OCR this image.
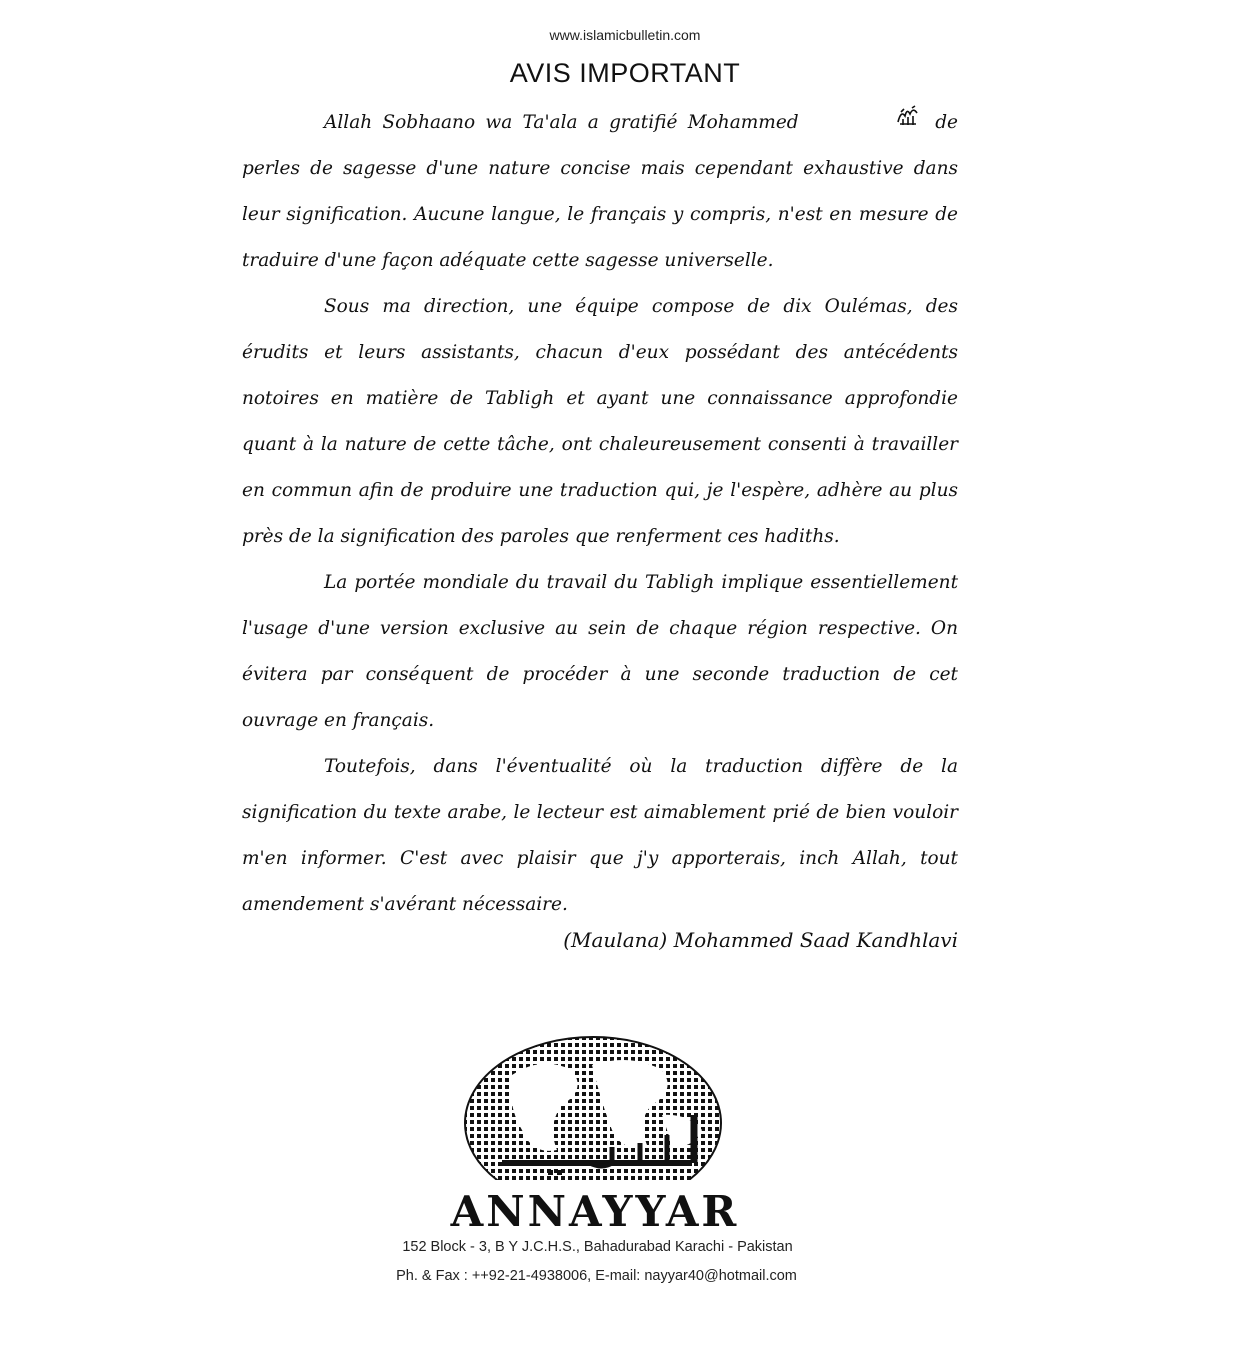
www.islamicbulletin.com
AVIS IMPORTANT

Allah Sobhaano wa Ta'ala a gratifié Mohammed	de perles de sagesse d'une nature concise mais cependant exhaustive dans leur signification. Aucune langue, le français y compris, n'est en mesure de traduire d'une façon adéquate cette sagesse universelle.

Sous ma direction, une équipe compose de dix Oulémas, des érudits et leurs assistants, chacun d'eux possédant des antécédents notoires en matière de Tabligh et ayant une connaissance approfondie quant à la nature de cette tâche, ont chaleureusement consenti à travailler en commun afin de produire une traduction qui, je l'espère, adhère au plus près de la signification des paroles que renferment ces hadiths.

La portée mondiale du travail du Tabligh implique essentiellement l'usage d'une version exclusive au sein de chaque région respective. On évitera par conséquent de procéder à une seconde traduction de cet ouvrage en français.

Toutefois, dans l'éventualité où la traduction diffère de la signification du texte arabe, le lecteur est aimablement prié de bien vouloir m'en informer. C'est avec plaisir que j'y apporterais, inch Allah, tout amendement s'avérant nécessaire.

(Maulana) Mohammed Saad Kandhlavi
ANNAYYAR
152 Block - 3, B Y J.C.H.S., Bahadurabad Karachi - Pakistan
Ph. & Fax : ++92-21-4938006, E-mail: nayyar40@hotmail.com
